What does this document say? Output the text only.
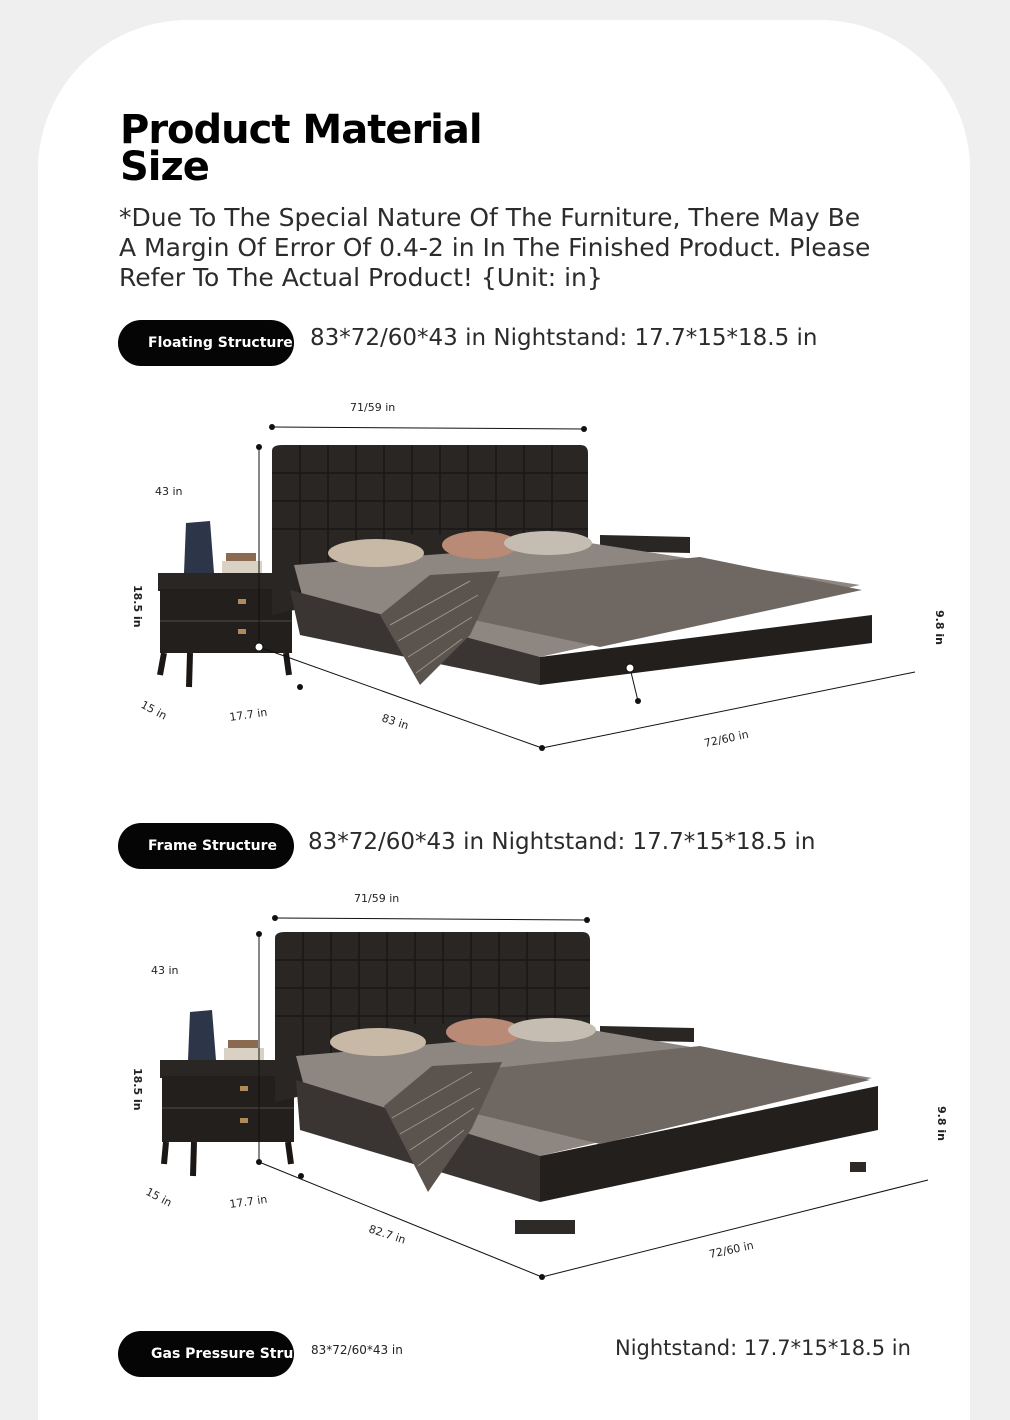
Product Material
Size
*Due To The Special Nature Of The Furniture, There May Be A Margin Of Error Of 0.4-2 in In The Finished Product. Please Refer To The Actual Product! {Unit: in}
Floating Structure 83*72/60*43 in Nightstand: 17.7*15*18.5 in
71/59 in
43 in
18.5 in
15 in	17.7 in	83 in
5.9 in
72/60 in
9.8 in
Frame Structure	83*72/60*43 in Nightstand: 17.7*15*18.5 in
71/59 in
43 in
18.5 in
15 in	17.7 in
82.7 in
72/60 in
9.8 in
Gas Pressure Structure
83*72/60*43 in	Nightstand: 17.7*15*18.5 in
